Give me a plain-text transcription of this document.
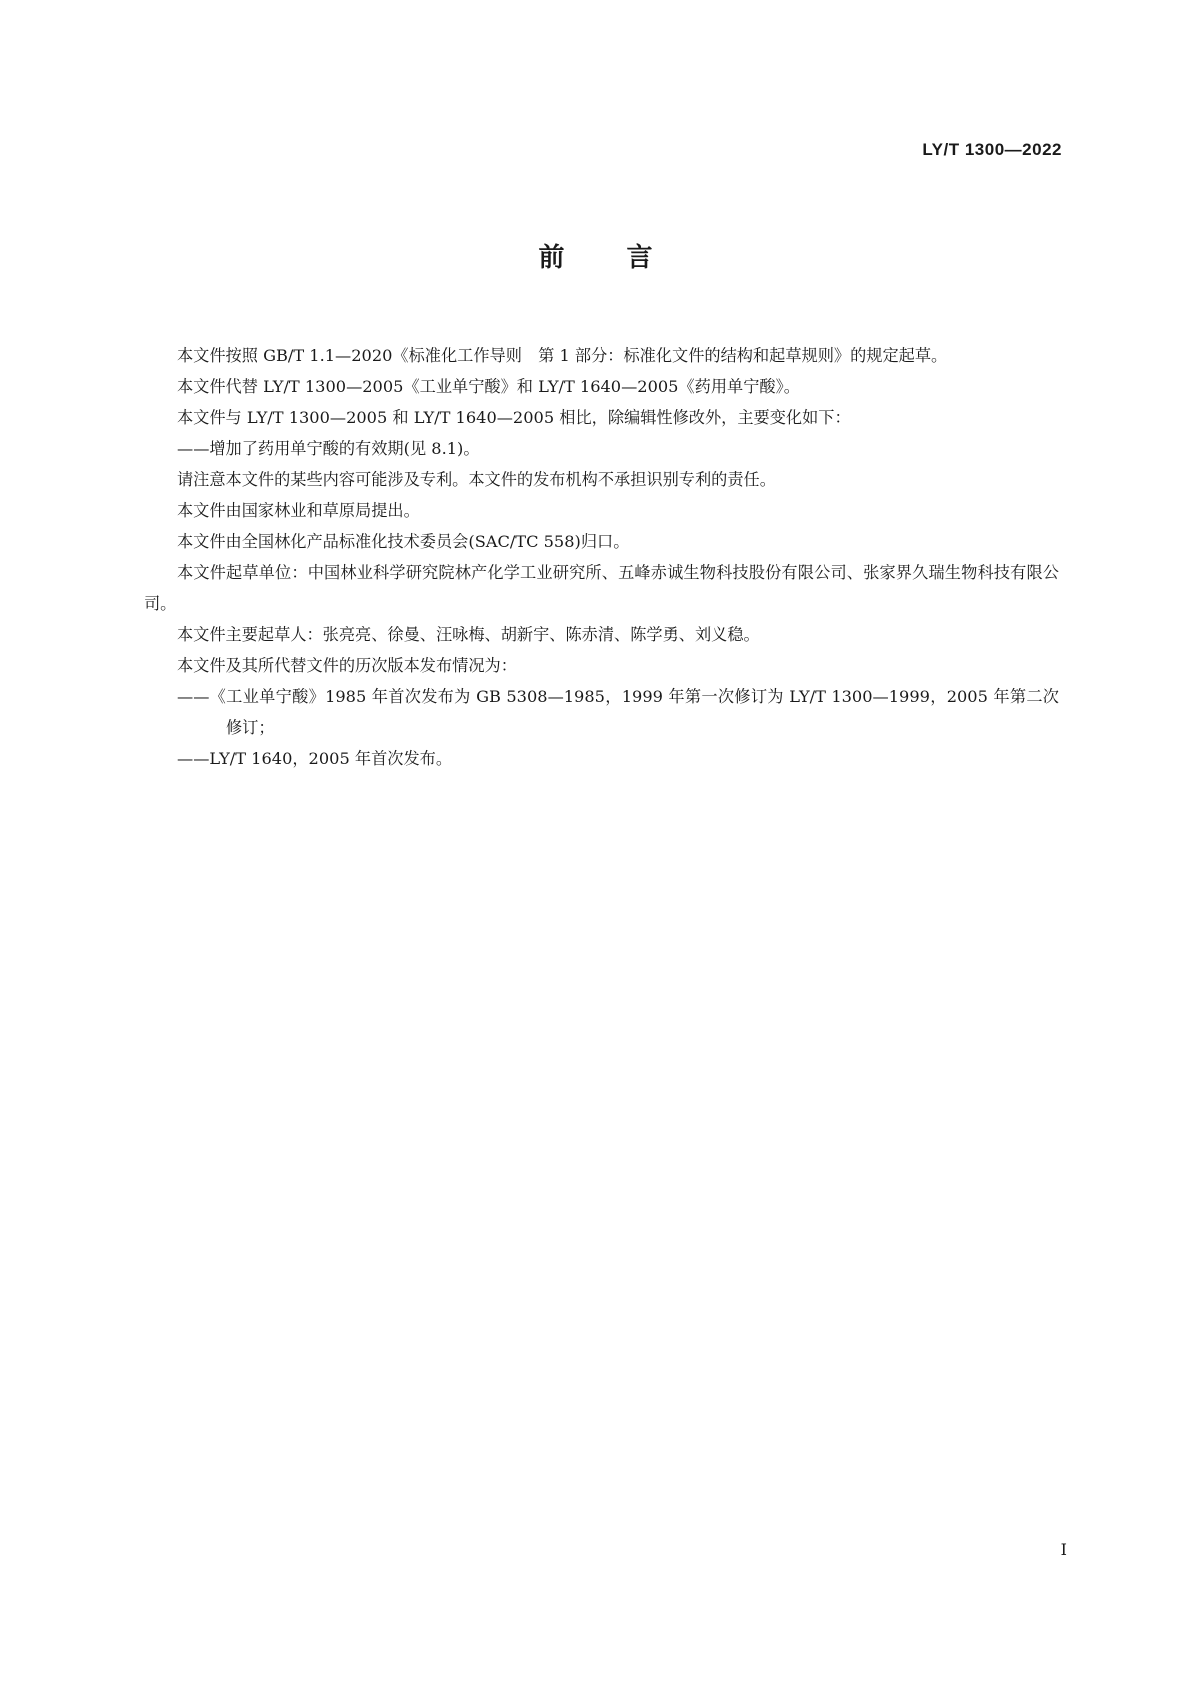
LY/T 1300—2022
前言

本文件按照 GB/T 1.1—2020《标准化工作导则　第 1 部分：标准化文件的结构和起草规则》的规定起草。

本文件代替 LY/T 1300—2005《工业单宁酸》和 LY/T 1640—2005《药用单宁酸》。

本文件与 LY/T 1300—2005 和 LY/T 1640—2005 相比，除编辑性修改外，主要变化如下：

——增加了药用单宁酸的有效期(见 8.1)。

请注意本文件的某些内容可能涉及专利。本文件的发布机构不承担识别专利的责任。

本文件由国家林业和草原局提出。

本文件由全国林化产品标准化技术委员会(SAC/TC 558)归口。

本文件起草单位：中国林业科学研究院林产化学工业研究所、五峰赤诚生物科技股份有限公司、张家界久瑞生物科技有限公司。

本文件主要起草人：张亮亮、徐曼、汪咏梅、胡新宇、陈赤清、陈学勇、刘义稳。

本文件及其所代替文件的历次版本发布情况为：

——《工业单宁酸》1985 年首次发布为 GB 5308—1985，1999 年第一次修订为 LY/T 1300—1999，2005 年第二次修订；

——LY/T 1640，2005 年首次发布。

I
